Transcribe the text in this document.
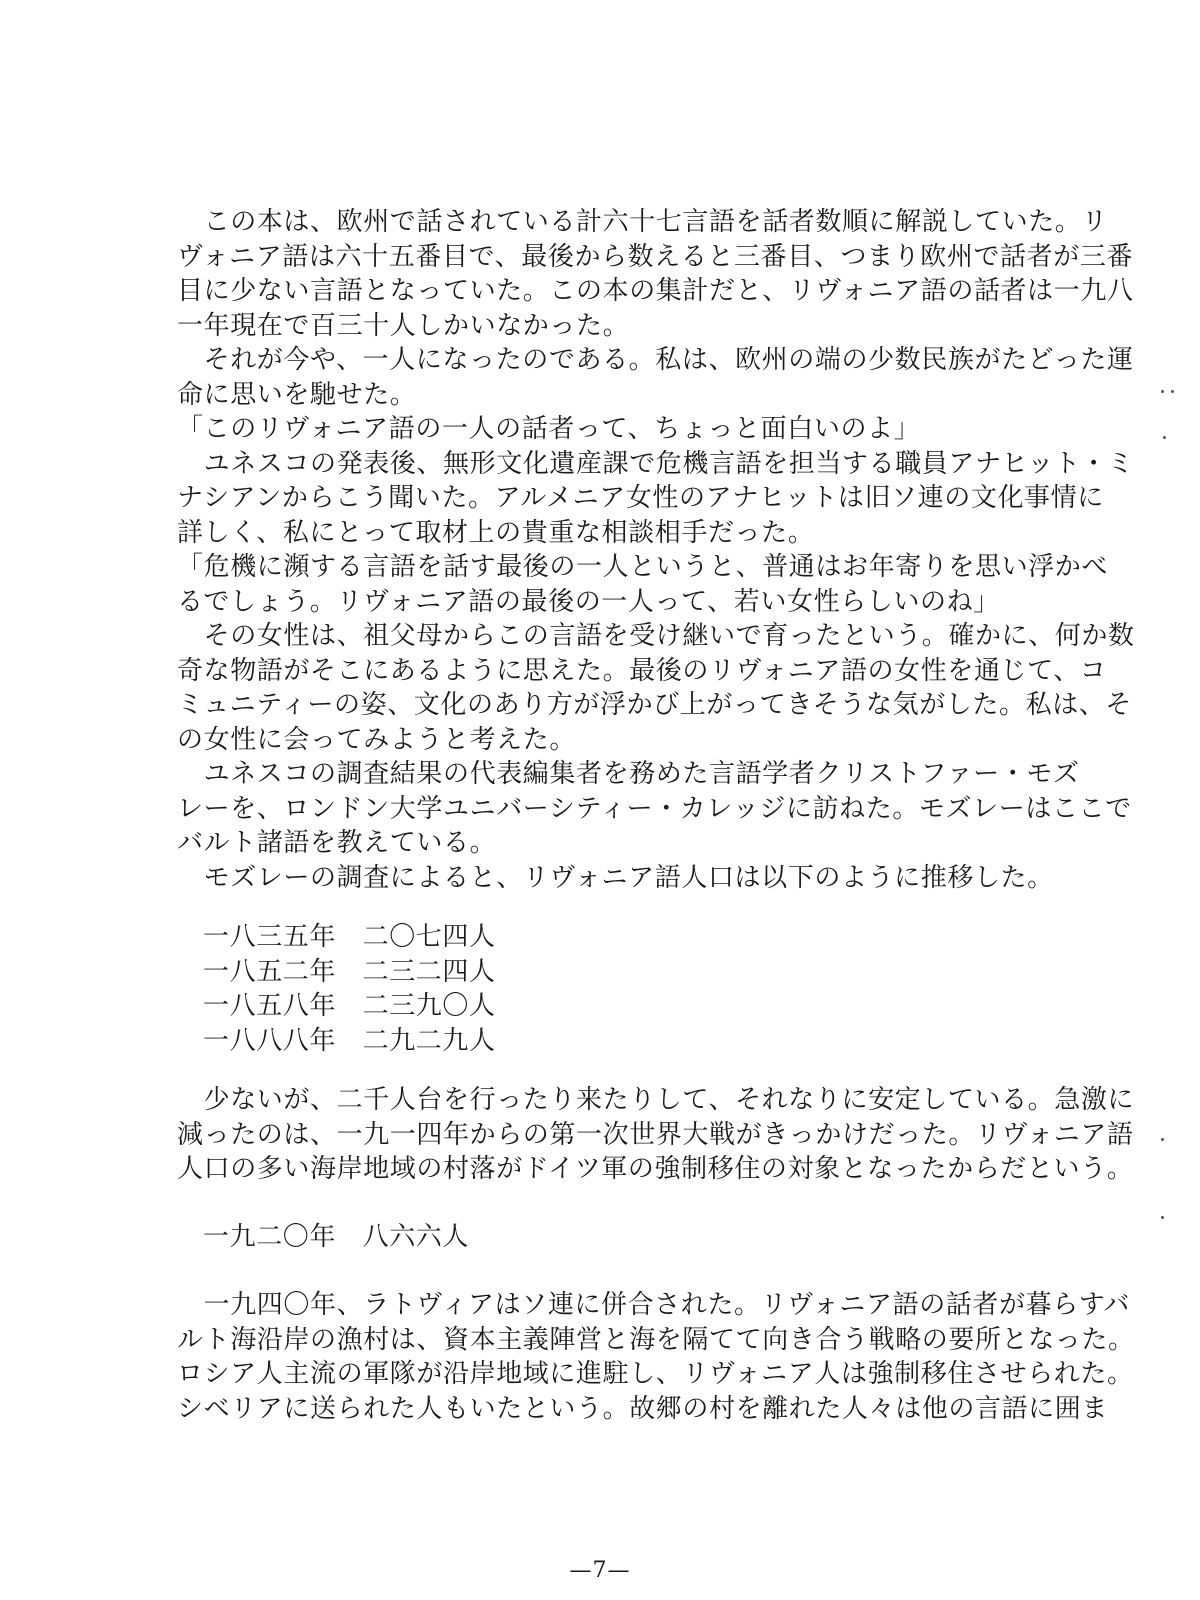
　この本は、欧州で話されている計六十七言語を話者数順に解説していた。リ
ヴォニア語は六十五番目で、最後から数えると三番目、つまり欧州で話者が三番
目に少ない言語となっていた。この本の集計だと、リヴォニア語の話者は一九八
一年現在で百三十人しかいなかった。
　それが今や、一人になったのである。私は、欧州の端の少数民族がたどった運
命に思いを馳せた。
「このリヴォニア語の一人の話者って、ちょっと面白いのよ」
　ユネスコの発表後、無形文化遺産課で危機言語を担当する職員アナヒット・ミ
ナシアンからこう聞いた。アルメニア女性のアナヒットは旧ソ連の文化事情に
詳しく、私にとって取材上の貴重な相談相手だった。
「危機に瀕する言語を話す最後の一人というと、普通はお年寄りを思い浮かべ
るでしょう。リヴォニア語の最後の一人って、若い女性らしいのね」
　その女性は、祖父母からこの言語を受け継いで育ったという。確かに、何か数
奇な物語がそこにあるように思えた。最後のリヴォニア語の女性を通じて、コ
ミュニティーの姿、文化のあり方が浮かび上がってきそうな気がした。私は、そ
の女性に会ってみようと考えた。
　ユネスコの調査結果の代表編集者を務めた言語学者クリストファー・モズ
レーを、ロンドン大学ユニバーシティー・カレッジに訪ねた。モズレーはここで
バルト諸語を教えている。
　モズレーの調査によると、リヴォニア語人口は以下のように推移した。
一八三五年　二〇七四人
一八五二年　二三二四人
一八五八年　二三九〇人
一八八八年　二九二九人
　少ないが、二千人台を行ったり来たりして、それなりに安定している。急激に
減ったのは、一九一四年からの第一次世界大戦がきっかけだった。リヴォニア語
人口の多い海岸地域の村落がドイツ軍の強制移住の対象となったからだという。
一九二〇年　八六六人
　一九四〇年、ラトヴィアはソ連に併合された。リヴォニア語の話者が暮らすバ
ルト海沿岸の漁村は、資本主義陣営と海を隔てて向き合う戦略の要所となった。
ロシア人主流の軍隊が沿岸地域に進駐し、リヴォニア人は強制移住させられた。
シベリアに送られた人もいたという。故郷の村を離れた人々は他の言語に囲ま
—7—
